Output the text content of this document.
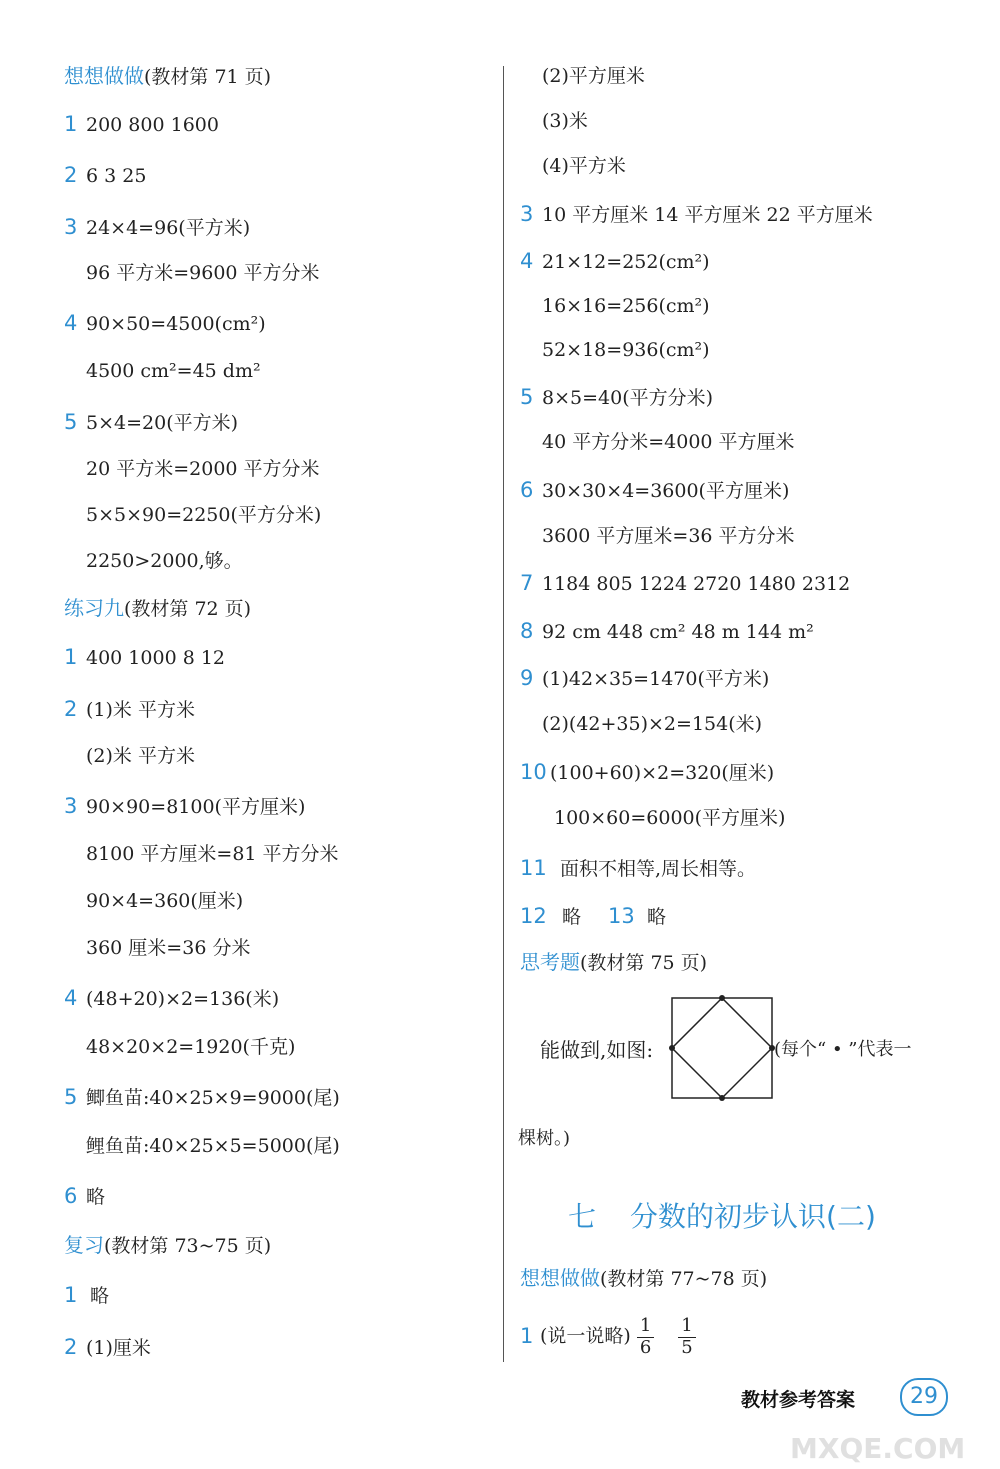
想想做做(教材第 71 页)
1 200 800 1600
2 6 3 25
3 24×4=96(平方米)
96 平方米=9600 平方分米
4 90×50=4500(cm²)
4500 cm²=45 dm²
5 5×4=20(平方米)
20 平方米=2000 平方分米
5×5×90=2250(平方分米)
2250>2000,够。
练习九(教材第 72 页)
1 400 1000 8 12
2 (1)米 平方米
(2)米 平方米
3 90×90=8100(平方厘米)
8100 平方厘米=81 平方分米
90×4=360(厘米)
360 厘米=36 分米
4 (48+20)×2=136(米)
48×20×2=1920(千克)
5 鲫鱼苗:40×25×9=9000(尾)
鲤鱼苗:40×25×5=5000(尾)
6 略
复习(教材第 73~75 页)
1 略
2 (1)厘米
(2)平方厘米
(3)米
(4)平方米
3 10 平方厘米 14 平方厘米 22 平方厘米
4 21×12=252(cm²)
16×16=256(cm²)
52×18=936(cm²)
5 8×5=40(平方分米)
40 平方分米=4000 平方厘米
6 30×30×4=3600(平方厘米)
3600 平方厘米=36 平方分米
7 1184 805 1224 2720 1480 2312
8 92 cm 448 cm² 48 m 144 m²
9 (1)42×35=1470(平方米)
(2)(42+35)×2=154(米)
10 (100+60)×2=320(厘米)
100×60=6000(平方厘米)
11 面积不相等,周长相等。
12 略 13 略
思考题(教材第 75 页)
能做到,如图:	(每个“ • ”代表一
棵树。)
七 分数的初步认识(二)
想想做做(教材第 77~78 页)
1 (说一说略) $\frac{1}{6} \frac{1}{5}$
教材参考答案	29
MXQE.COM
